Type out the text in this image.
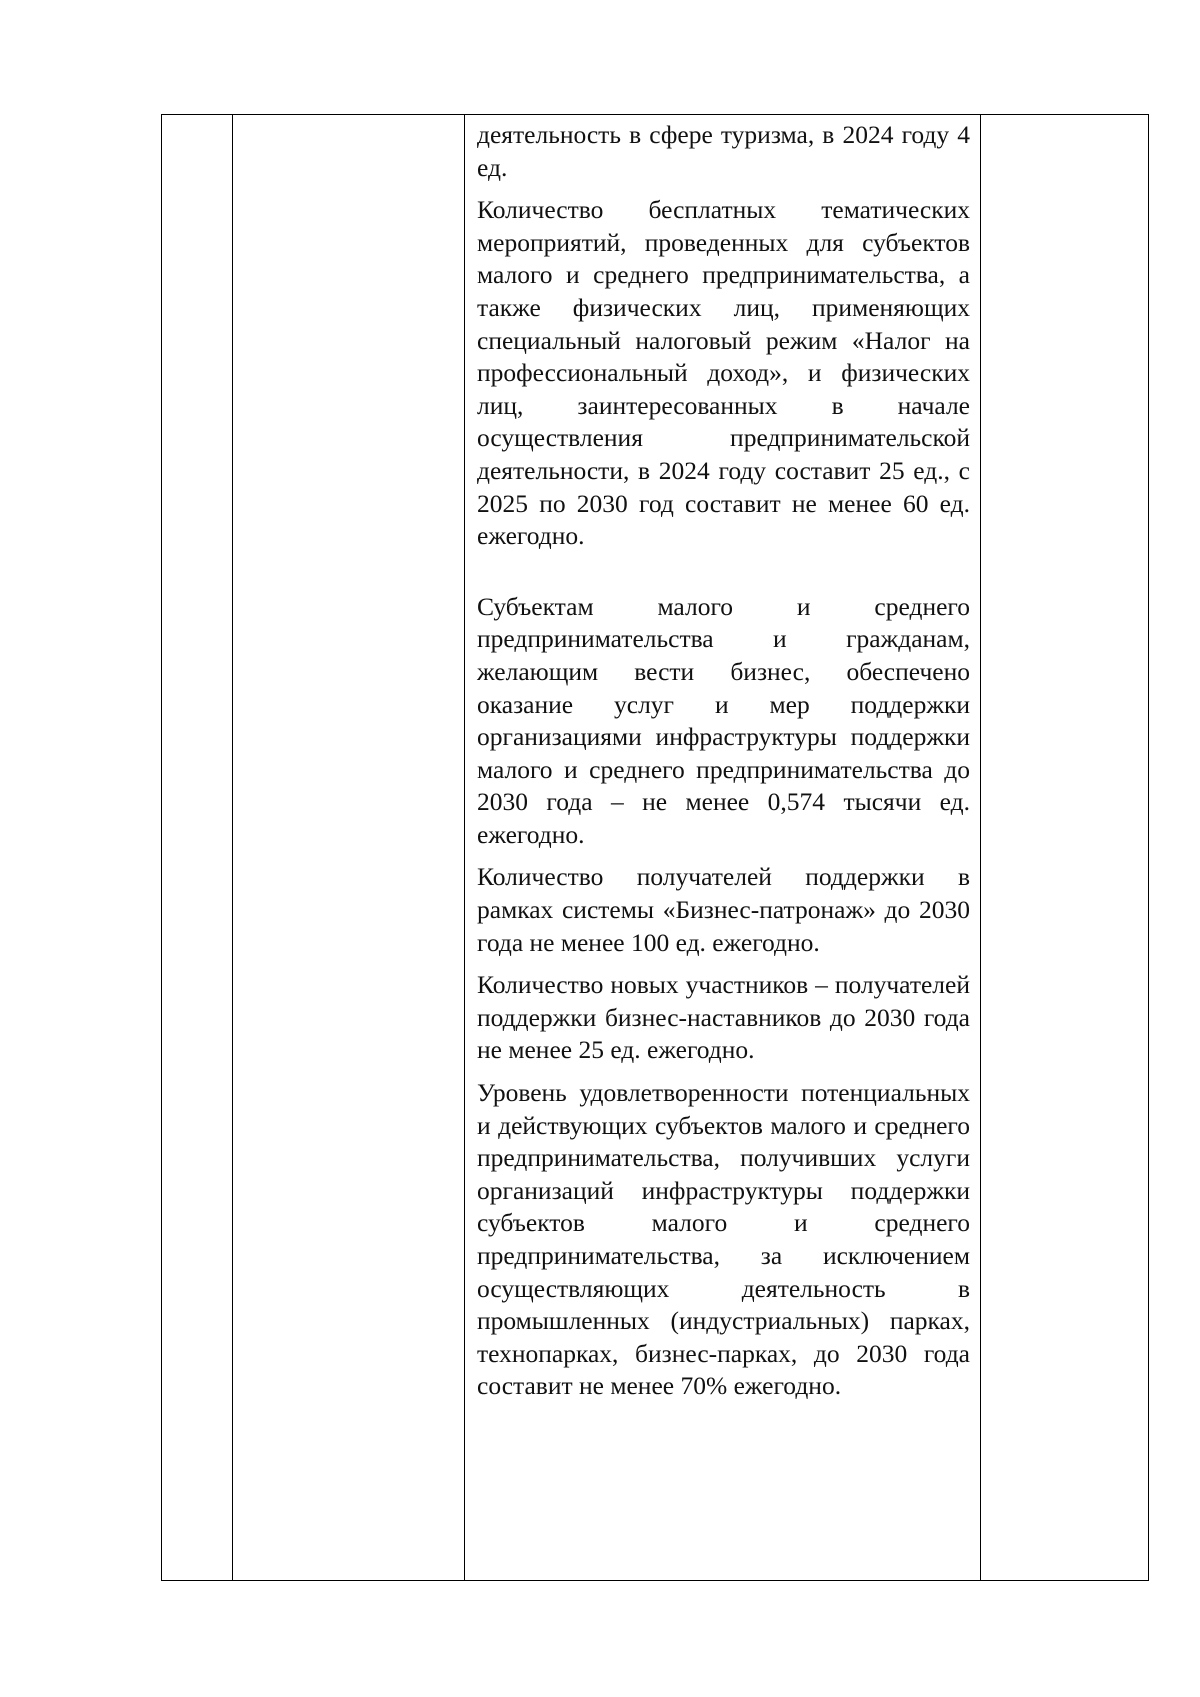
деятельность в сфере туризма, в 2024 году 4 ед.

Количество бесплатных тематических мероприятий, проведенных для субъектов малого и среднего предпринимательства, а также физических лиц, применяющих специальный налоговый режим «Налог на профессиональный доход», и физических лиц, заинтересованных в начале осуществления предпринимательской деятельности, в 2024 году составит 25 ед., с 2025 по 2030 год составит не менее 60 ед. ежегодно.

Субъектам малого и среднего предпринимательства и гражданам, желающим вести бизнес, обеспечено оказание услуг и мер поддержки организациями инфраструктуры поддержки малого и среднего предпринимательства до 2030 года – не менее 0,574 тысячи ед. ежегодно.

Количество получателей поддержки в рамках системы «Бизнес-патронаж» до 2030 года не менее 100 ед. ежегодно.

Количество новых участников – получателей поддержки бизнес-наставников до 2030 года не менее 25 ед. ежегодно.

Уровень удовлетворенности потенциальных и действующих субъектов малого и среднего предпринимательства, получивших услуги организаций инфраструктуры поддержки субъектов малого и среднего предпринимательства, за исключением осуществляющих деятельность в промышленных (индустриальных) парках, технопарках, бизнес-парках, до 2030 года составит не менее 70% ежегодно.
